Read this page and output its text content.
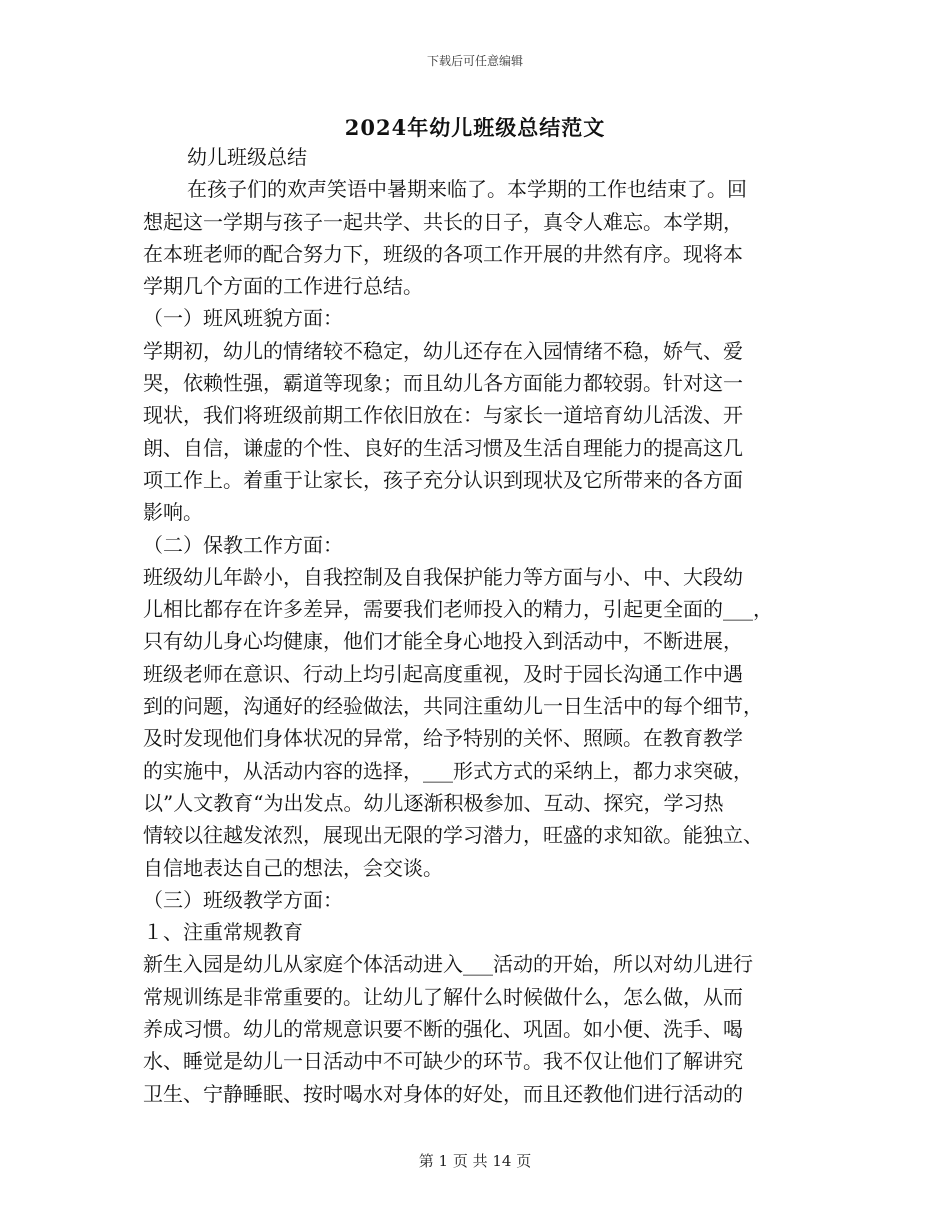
下载后可任意编辑
2024年幼儿班级总结范文

幼儿班级总结

在孩子们的欢声笑语中暑期来临了。本学期的工作也结束了。回

想起这一学期与孩子一起共学、共长的日子，真令人难忘。本学期，

在本班老师的配合努力下，班级的各项工作开展的井然有序。现将本

学期几个方面的工作进行总结。

（一）班风班貌方面：

学期初，幼儿的情绪较不稳定，幼儿还存在入园情绪不稳，娇气、爱

哭，依赖性强，霸道等现象；而且幼儿各方面能力都较弱。针对这一

现状，我们将班级前期工作依旧放在：与家长一道培育幼儿活泼、开

朗、自信，谦虚的个性、良好的生活习惯及生活自理能力的提高这几

项工作上。着重于让家长，孩子充分认识到现状及它所带来的各方面

影响。

（二）保教工作方面：

班级幼儿年龄小，自我控制及自我保护能力等方面与小、中、大段幼

儿相比都存在许多差异，需要我们老师投入的精力，引起更全面的___，

只有幼儿身心均健康，他们才能全身心地投入到活动中，不断进展，

班级老师在意识、行动上均引起高度重视，及时于园长沟通工作中遇

到的问题，沟通好的经验做法，共同注重幼儿一日生活中的每个细节，

及时发现他们身体状况的异常，给予特别的关怀、照顾。在教育教学

的实施中，从活动内容的选择，___形式方式的采纳上，都力求突破，

以”人文教育“为出发点。幼儿逐渐积极参加、互动、探究，学习热

情较以往越发浓烈，展现出无限的学习潜力，旺盛的求知欲。能独立、

自信地表达自己的想法，会交谈。

（三）班级教学方面：

１、注重常规教育

新生入园是幼儿从家庭个体活动进入___活动的开始，所以对幼儿进行

常规训练是非常重要的。让幼儿了解什么时候做什么，怎么做，从而

养成习惯。幼儿的常规意识要不断的强化、巩固。如小便、洗手、喝

水、睡觉是幼儿一日活动中不可缺少的环节。我不仅让他们了解讲究

卫生、宁静睡眠、按时喝水对身体的好处，而且还教他们进行活动的

第 1 页 共 14 页
